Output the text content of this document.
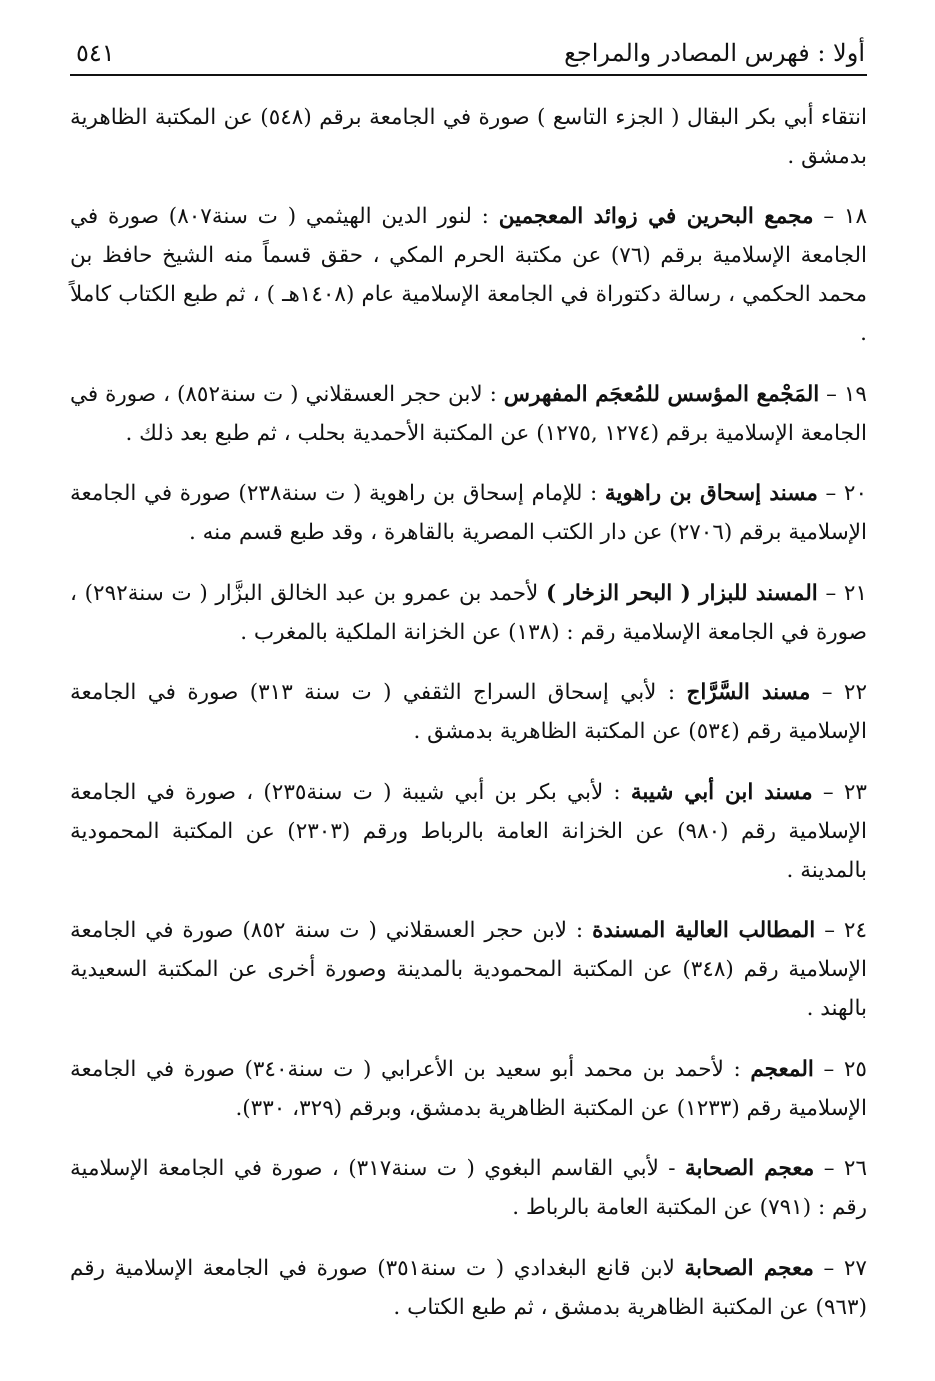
أولا : فهرس المصادر والمراجع
٥٤١

انتقاء أبي بكر البقال ( الجزء التاسع ) صورة في الجامعة برقم (٥٤٨) عن المكتبة الظاهرية بدمشق .

١٨ – مجمع البحرين في زوائد المعجمين : لنور الدين الهيثمي ( ت سنة٨٠٧) صورة في الجامعة الإسلامية برقم (٧٦) عن مكتبة الحرم المكي ، حقق قسماً منه الشيخ حافظ بن محمد الحكمي ، رسالة دكتوراة في الجامعة الإسلامية عام (١٤٠٨هـ ) ، ثم طبع الكتاب كاملاً .

١٩ – المَجْمع المؤسس للمُعجَم المفهرس : لابن حجر العسقلاني ( ت سنة٨٥٢) ، صورة في الجامعة الإسلامية برقم (١٢٧٤ ,١٢٧٥) عن المكتبة الأحمدية بحلب ، ثم طبع بعد ذلك .

٢٠ – مسند إسحاق بن راهوية : للإمام إسحاق بن راهوية ( ت سنة٢٣٨) صورة في الجامعة الإسلامية برقم (٢٧٠٦) عن دار الكتب المصرية بالقاهرة ، وقد طبع قسم منه .

٢١ – المسند للبزار ( البحر الزخار ) لأحمد بن عمرو بن عبد الخالق البزَّار ( ت سنة٢٩٢) ، صورة في الجامعة الإسلامية رقم : (١٣٨) عن الخزانة الملكية بالمغرب .

٢٢ – مسند السَّرَّاج : لأبي إسحاق السراج الثقفي ( ت سنة ٣١٣) صورة في الجامعة الإسلامية رقم (٥٣٤) عن المكتبة الظاهرية بدمشق .

٢٣ – مسند ابن أبي شيبة : لأبي بكر بن أبي شيبة ( ت سنة٢٣٥) ، صورة في الجامعة الإسلامية رقم (٩٨٠) عن الخزانة العامة بالرباط ورقم (٢٣٠٣) عن المكتبة المحمودية بالمدينة .

٢٤ – المطالب العالية المسندة : لابن حجر العسقلاني ( ت سنة ٨٥٢) صورة في الجامعة الإسلامية رقم (٣٤٨) عن المكتبة المحمودية بالمدينة وصورة أخرى عن المكتبة السعيدية بالهند .

٢٥ – المعجم : لأحمد بن محمد أبو سعيد بن الأعرابي ( ت سنة٣٤٠) صورة في الجامعة الإسلامية رقم (١٢٣٣) عن المكتبة الظاهرية بدمشق، وبرقم (٣٢٩، ٣٣٠).

٢٦ – معجم الصحابة - لأبي القاسم البغوي ( ت سنة٣١٧) ، صورة في الجامعة الإسلامية رقم : (٧٩١) عن المكتبة العامة بالرباط .

٢٧ – معجم الصحابة لابن قانع البغدادي ( ت سنة٣٥١) صورة في الجامعة الإسلامية رقم (٩٦٣) عن المكتبة الظاهرية بدمشق ، ثم طبع الكتاب .
